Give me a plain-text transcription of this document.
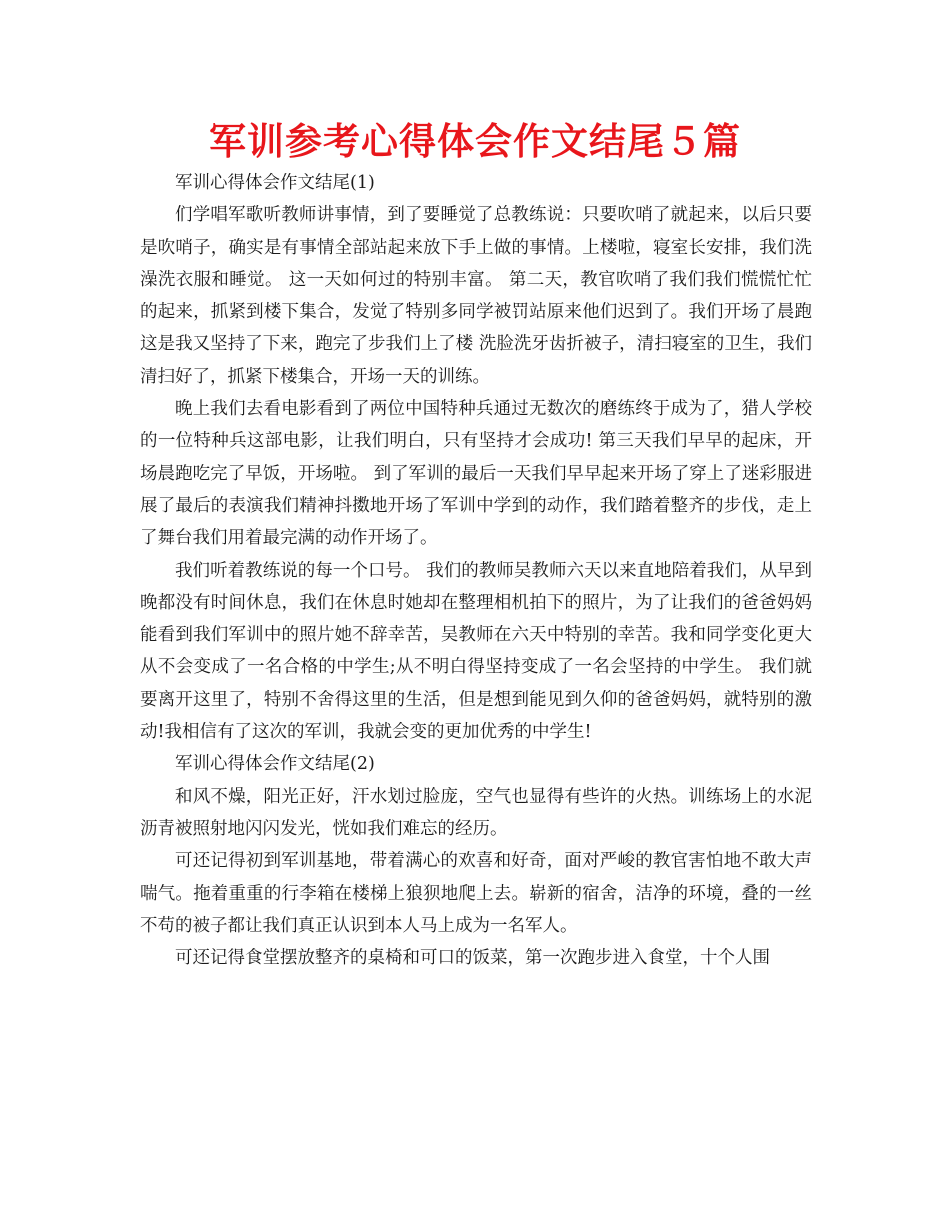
军训参考心得体会作文结尾５篇

军训心得体会作文结尾(1)

们学唱军歌听教师讲事情，到了要睡觉了总教练说：只要吹哨了就起来，以后只要是吹哨子，确实是有事情全部站起来放下手上做的事情。上楼啦，寝室长安排，我们洗澡洗衣服和睡觉。 这一天如何过的特别丰富。 第二天，教官吹哨了我们我们慌慌忙忙的起来，抓紧到楼下集合，发觉了特别多同学被罚站原来他们迟到了。我们开场了晨跑这是我又坚持了下来，跑完了步我们上了楼 洗脸洗牙齿折被子，清扫寝室的卫生，我们清扫好了，抓紧下楼集合，开场一天的训练。

晚上我们去看电影看到了两位中国特种兵通过无数次的磨练终于成为了，猎人学校的一位特种兵这部电影，让我们明白，只有坚持才会成功! 第三天我们早早的起床，开场晨跑吃完了早饭，开场啦。 到了军训的最后一天我们早早起来开场了穿上了迷彩服进展了最后的表演我们精神抖擞地开场了军训中学到的动作，我们踏着整齐的步伐，走上了舞台我们用着最完满的动作开场了。

我们听着教练说的每一个口号。 我们的教师吴教师六天以来直地陪着我们，从早到晚都没有时间休息，我们在休息时她却在整理相机拍下的照片，为了让我们的爸爸妈妈能看到我们军训中的照片她不辞幸苦，吴教师在六天中特别的幸苦。我和同学变化更大从不会变成了一名合格的中学生;从不明白得坚持变成了一名会坚持的中学生。 我们就要离开这里了，特别不舍得这里的生活，但是想到能见到久仰的爸爸妈妈，就特别的激动!我相信有了这次的军训，我就会变的更加优秀的中学生!

军训心得体会作文结尾(2)

和风不燥，阳光正好，汗水划过脸庞，空气也显得有些许的火热。训练场上的水泥沥青被照射地闪闪发光，恍如我们难忘的经历。

可还记得初到军训基地，带着满心的欢喜和好奇，面对严峻的教官害怕地不敢大声喘气。拖着重重的行李箱在楼梯上狼狈地爬上去。崭新的宿舍，洁净的环境，叠的一丝不苟的被子都让我们真正认识到本人马上成为一名军人。

可还记得食堂摆放整齐的桌椅和可口的饭菜，第一次跑步进入食堂，十个人围
